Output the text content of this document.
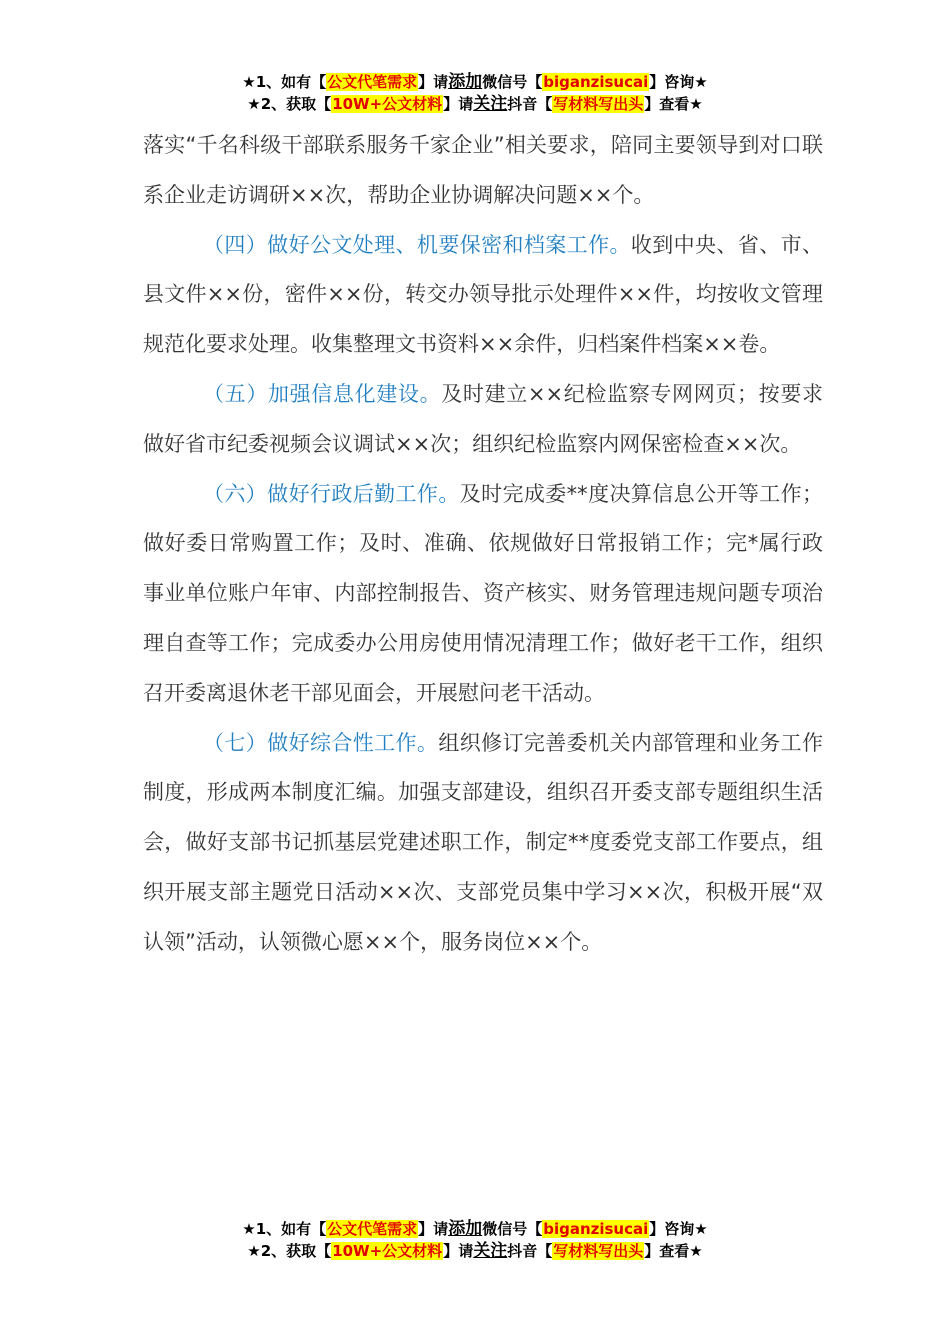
★1、如有【公文代笔需求】请添加微信号【biganzisucai】咨询★
★2、获取【10W+公文材料】请关注抖音【写材料写出头】查看★

落实“千名科级干部联系服务千家企业”相关要求，陪同主要领导到对口联系企业走访调研××次，帮助企业协调解决问题××个。

（四）做好公文处理、机要保密和档案工作。收到中央、省、市、县文件××份，密件××份，转交办领导批示处理件××件，均按收文管理规范化要求处理。收集整理文书资料××余件，归档案件档案××卷。

（五）加强信息化建设。及时建立××纪检监察专网网页；按要求做好省市纪委视频会议调试××次；组织纪检监察内网保密检查××次。

（六）做好行政后勤工作。及时完成委**度决算信息公开等工作；做好委日常购置工作；及时、准确、依规做好日常报销工作；完*属行政事业单位账户年审、内部控制报告、资产核实、财务管理违规问题专项治理自查等工作；完成委办公用房使用情况清理工作；做好老干工作，组织召开委离退休老干部见面会，开展慰问老干活动。

（七）做好综合性工作。组织修订完善委机关内部管理和业务工作制度，形成两本制度汇编。加强支部建设，组织召开委支部专题组织生活会，做好支部书记抓基层党建述职工作，制定**度委党支部工作要点，组织开展支部主题党日活动××次、支部党员集中学习××次，积极开展“双认领”活动，认领微心愿××个，服务岗位××个。

★1、如有【公文代笔需求】请添加微信号【biganzisucai】咨询★
★2、获取【10W+公文材料】请关注抖音【写材料写出头】查看★
